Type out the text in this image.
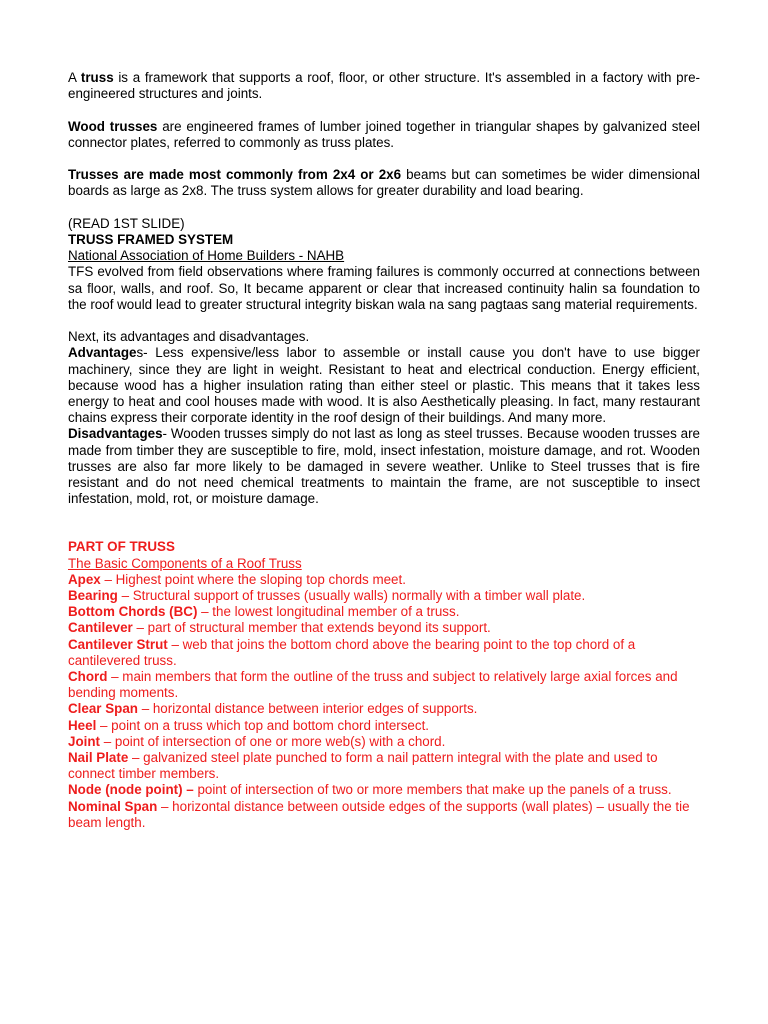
A truss is a framework that supports a roof, floor, or other structure. It's assembled in a factory with pre-engineered structures and joints.

Wood trusses are engineered frames of lumber joined together in triangular shapes by galvanized steel connector plates, referred to commonly as truss plates.

Trusses are made most commonly from 2x4 or 2x6 beams but can sometimes be wider dimensional boards as large as 2x8. The truss system allows for greater durability and load bearing.

(READ 1ST SLIDE)

TRUSS FRAMED SYSTEM

National Association of Home Builders - NAHB

TFS evolved from field observations where framing failures is commonly occurred at connections between sa floor, walls, and roof. So, It became apparent or clear that increased continuity halin sa foundation to the roof would lead to greater structural integrity biskan wala na sang pagtaas sang material requirements.

Next, its advantages and disadvantages.

Advantages- Less expensive/less labor to assemble or install cause you don't have to use bigger machinery, since they are light in weight. Resistant to heat and electrical conduction. Energy efficient, because wood has a higher insulation rating than either steel or plastic. This means that it takes less energy to heat and cool houses made with wood. It is also Aesthetically pleasing. In fact, many restaurant chains express their corporate identity in the roof design of their buildings. And many more.

Disadvantages- Wooden trusses simply do not last as long as steel trusses. Because wooden trusses are made from timber they are susceptible to fire, mold, insect infestation, moisture damage, and rot. Wooden trusses are also far more likely to be damaged in severe weather. Unlike to Steel trusses that is fire resistant and do not need chemical treatments to maintain the frame, are not susceptible to insect infestation, mold, rot, or moisture damage.

PART OF TRUSS

The Basic Components of a Roof Truss

Apex – Highest point where the sloping top chords meet.

Bearing – Structural support of trusses (usually walls) normally with a timber wall plate.

Bottom Chords (BC) – the lowest longitudinal member of a truss.

Cantilever – part of structural member that extends beyond its support.

Cantilever Strut – web that joins the bottom chord above the bearing point to the top chord of a cantilevered truss.

Chord – main members that form the outline of the truss and subject to relatively large axial forces and bending moments.

Clear Span – horizontal distance between interior edges of supports.

Heel – point on a truss which top and bottom chord intersect.

Joint – point of intersection of one or more web(s) with a chord.

Nail Plate – galvanized steel plate punched to form a nail pattern integral with the plate and used to connect timber members.

Node (node point) – point of intersection of two or more members that make up the panels of a truss.

Nominal Span – horizontal distance between outside edges of the supports (wall plates) – usually the tie beam length.
